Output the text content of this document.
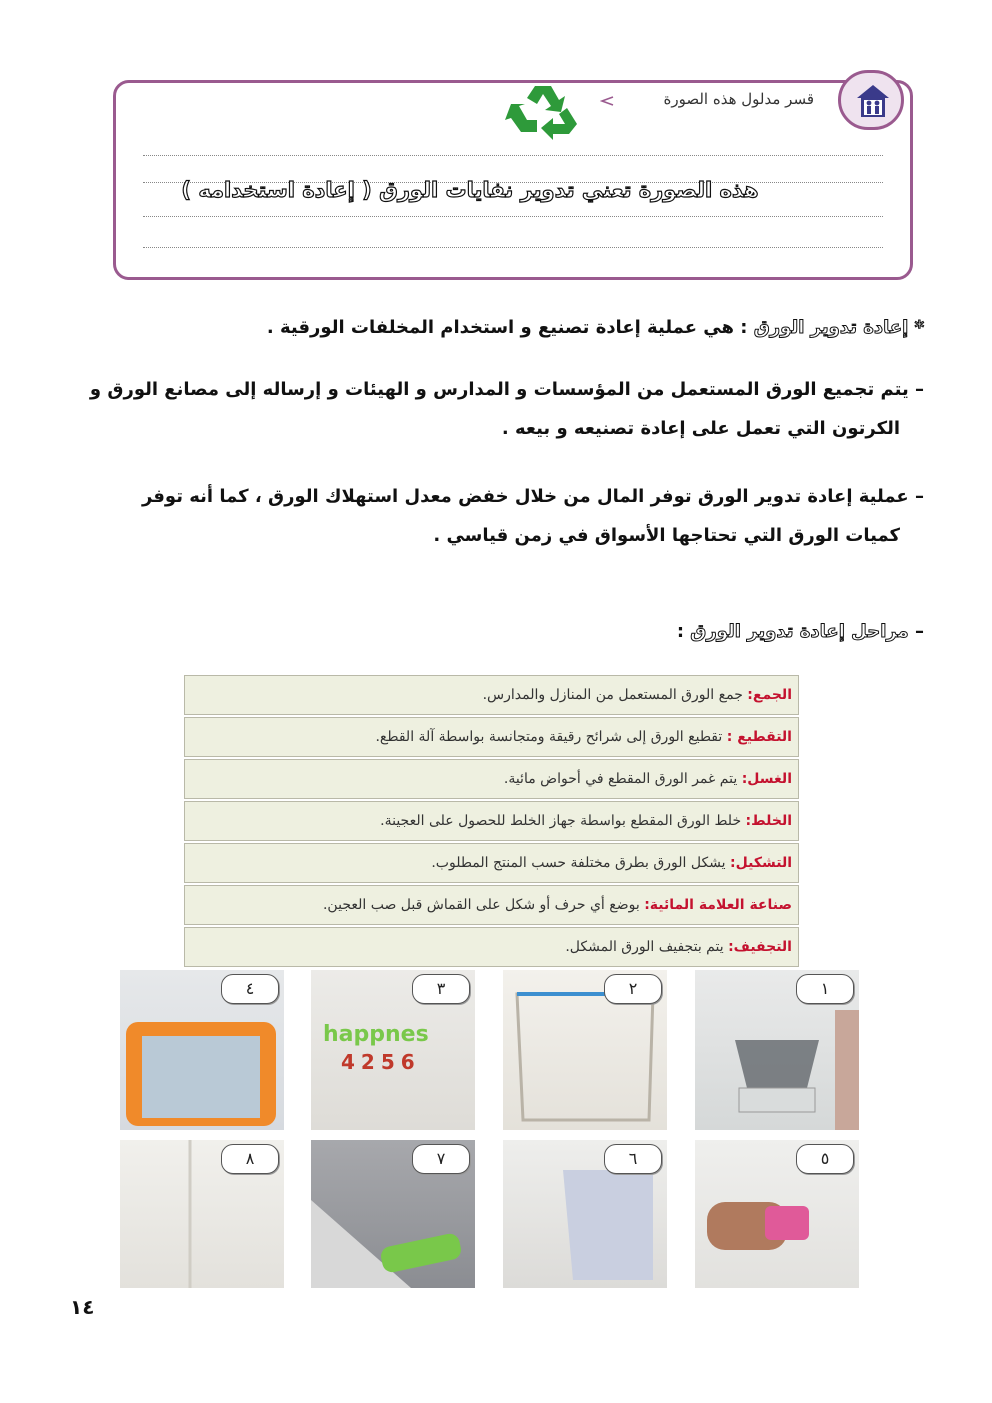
قسر مدلول هذه الصورة
هذه الصورة تعني تدوير نفايات الورق ( إعادة استخدامه )
* إعادة تدوير الورق : هي عملية إعادة تصنيع و استخدام المخلفات الورقية .
– يتم تجميع الورق المستعمل من المؤسسات و المدارس و الهيئات و إرساله إلى مصانع الورق و
الكرتون التي تعمل على إعادة تصنيعه و بيعه .
– عملية إعادة تدوير الورق توفر المال من خلال خفض معدل استهلاك الورق ، كما أنه توفر
كميات الورق التي تحتاجها الأسواق في زمن قياسي .
– مراحل إعادة تدوير الورق :
الجمع: جمع الورق المستعمل من المنازل والمدارس.
التقطيع : تقطيع الورق إلى شرائح رقيقة ومتجانسة بواسطة آلة القطع.
الغسل: يتم غمر الورق المقطع في أحواض مائية.
الخلط: خلط الورق المقطع بواسطة جهاز الخلط للحصول على العجينة.
التشكيل: يشكل الورق بطرق مختلفة حسب المنتج المطلوب.
صناعة العلامة المائية: بوضع أي حرف أو شكل على القماش قبل صب العجين.
التجفيف: يتم بتجفيف الورق المشكل.
١
٢
happnes
4256
٣
٤
٥
٦
٧
٨
١٤
